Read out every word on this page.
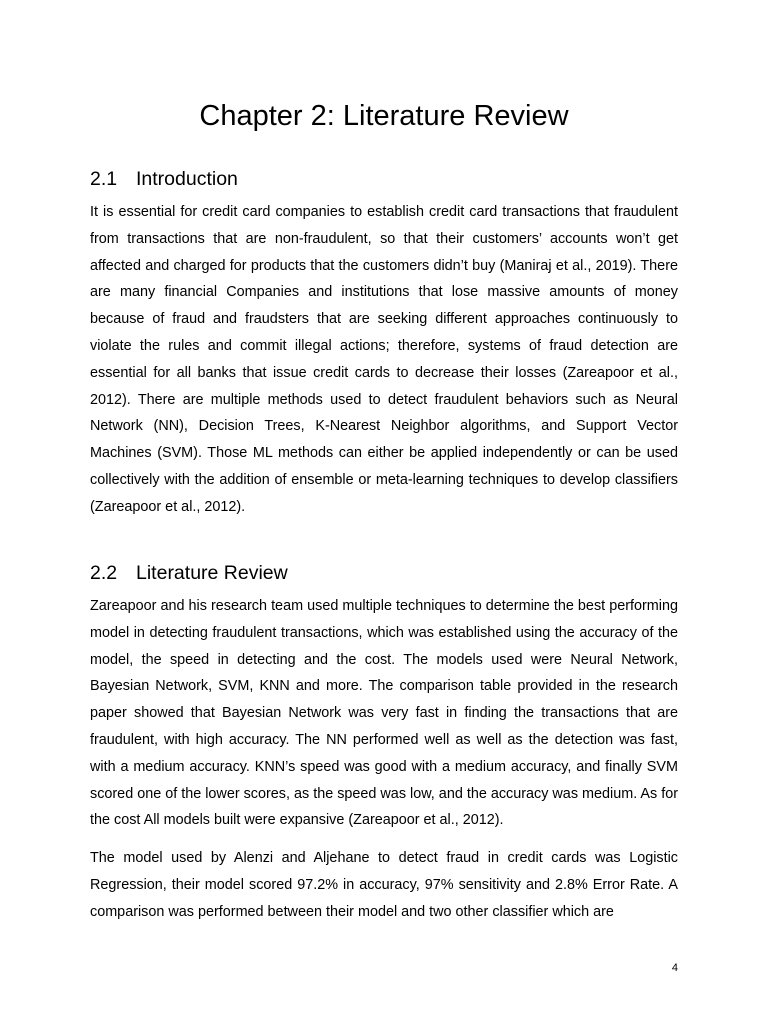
Chapter 2: Literature Review
2.1 Introduction

It is essential for credit card companies to establish credit card transactions that fraudulent from transactions that are non-fraudulent, so that their customers’ accounts won’t get affected and charged for products that the customers didn’t buy (Maniraj et al., 2019). There are many financial Companies and institutions that lose massive amounts of money because of fraud and fraudsters that are seeking different approaches continuously to violate the rules and commit illegal actions; therefore, systems of fraud detection are essential for all banks that issue credit cards to decrease their losses (Zareapoor et al., 2012). There are multiple methods used to detect fraudulent behaviors such as Neural Network (NN), Decision Trees, K-Nearest Neighbor algorithms, and Support Vector Machines (SVM). Those ML methods can either be applied independently or can be used collectively with the addition of ensemble or meta-learning techniques to develop classifiers (Zareapoor et al., 2012).

2.2 Literature Review

Zareapoor and his research team used multiple techniques to determine the best performing model in detecting fraudulent transactions, which was established using the accuracy of the model, the speed in detecting and the cost. The models used were Neural Network, Bayesian Network, SVM, KNN and more. The comparison table provided in the research paper showed that Bayesian Network was very fast in finding the transactions that are fraudulent, with high accuracy. The NN performed well as well as the detection was fast, with a medium accuracy. KNN’s speed was good with a medium accuracy, and finally SVM scored one of the lower scores, as the speed was low, and the accuracy was medium. As for the cost All models built were expansive (Zareapoor et al., 2012).

The model used by Alenzi and Aljehane to detect fraud in credit cards was Logistic Regression, their model scored 97.2% in accuracy, 97% sensitivity and 2.8% Error Rate. A comparison was performed between their model and two other classifier which are

4
